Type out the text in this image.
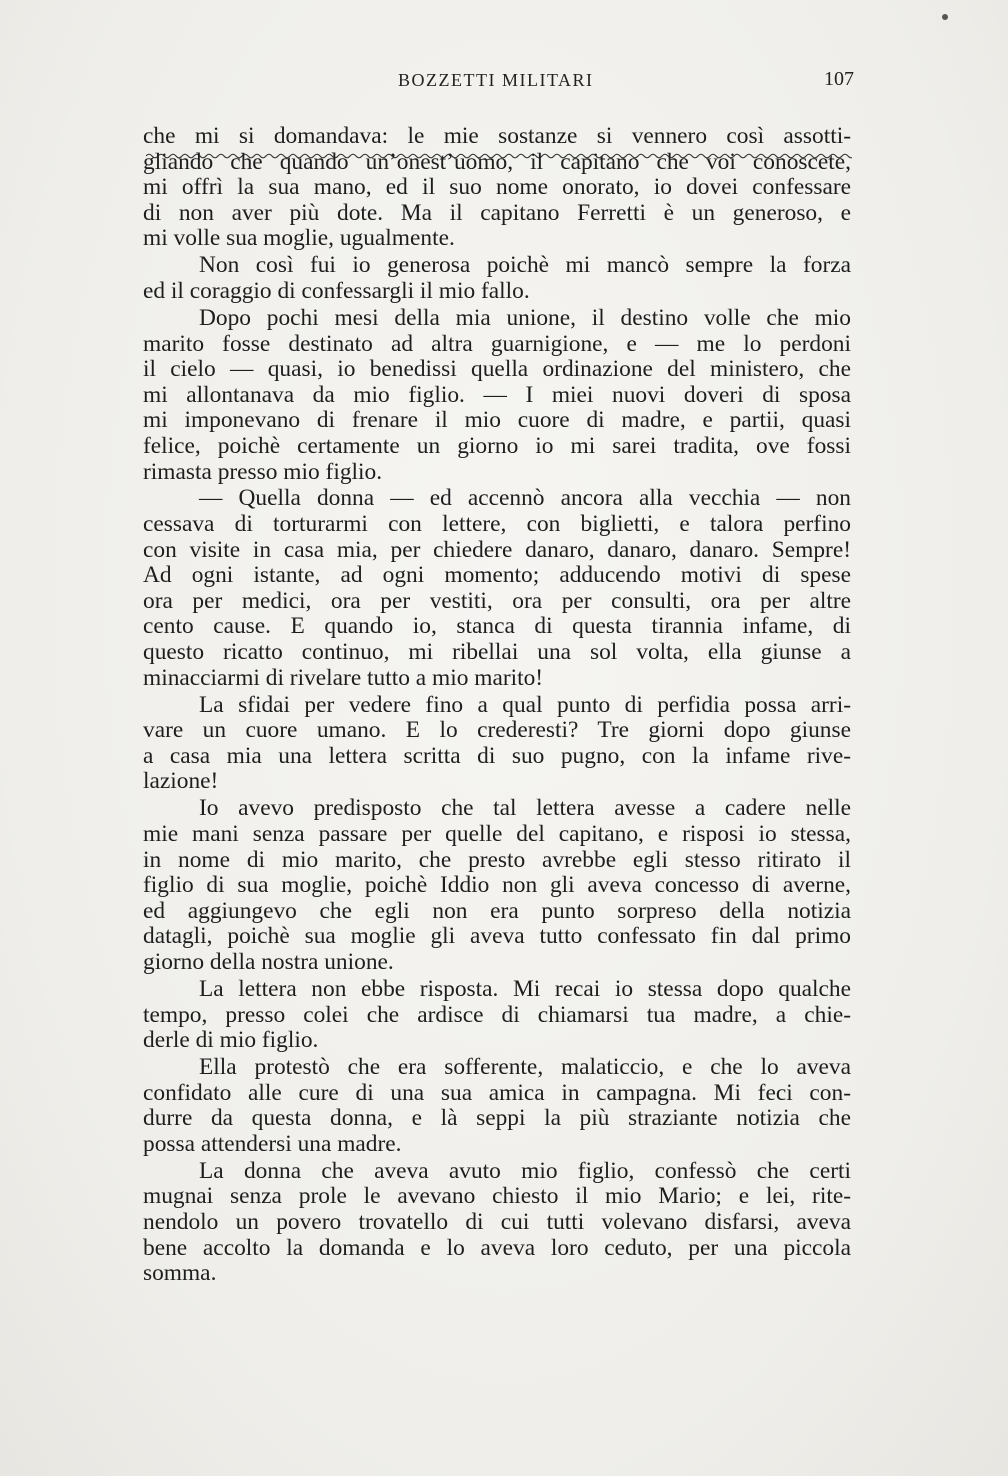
BOZZETTI MILITARI	107
che mi si domandava: le mie sostanze si vennero così assotti-
gliando che quando un’onest’uomo, il capitano che voi conoscete,
mi offrì la sua mano, ed il suo nome onorato, io dovei confessare
di non aver più dote. Ma il capitano Ferretti è un generoso, e
mi volle sua moglie, ugualmente.
Non così fui io generosa poichè mi mancò sempre la forza
ed il coraggio di confessargli il mio fallo.
Dopo pochi mesi della mia unione, il destino volle che mio
marito fosse destinato ad altra guarnigione, e — me lo perdoni
il cielo — quasi, io benedissi quella ordinazione del ministero, che
mi allontanava da mio figlio. — I miei nuovi doveri di sposa
mi imponevano di frenare il mio cuore di madre, e partii, quasi
felice, poichè certamente un giorno io mi sarei tradita, ove fossi
rimasta presso mio figlio.
— Quella donna — ed accennò ancora alla vecchia — non
cessava di torturarmi con lettere, con biglietti, e talora perfino
con visite in casa mia, per chiedere danaro, danaro, danaro. Sempre!
Ad ogni istante, ad ogni momento; adducendo motivi di spese
ora per medici, ora per vestiti, ora per consulti, ora per altre
cento cause. E quando io, stanca di questa tirannia infame, di
questo ricatto continuo, mi ribellai una sol volta, ella giunse a
minacciarmi di rivelare tutto a mio marito!
La sfidai per vedere fino a qual punto di perfidia possa arri-
vare un cuore umano. E lo crederesti? Tre giorni dopo giunse
a casa mia una lettera scritta di suo pugno, con la infame rive-
lazione!
Io avevo predisposto che tal lettera avesse a cadere nelle
mie mani senza passare per quelle del capitano, e risposi io stessa,
in nome di mio marito, che presto avrebbe egli stesso ritirato il
figlio di sua moglie, poichè Iddio non gli aveva concesso di averne,
ed aggiungevo che egli non era punto sorpreso della notizia
datagli, poichè sua moglie gli aveva tutto confessato fin dal primo
giorno della nostra unione.
La lettera non ebbe risposta. Mi recai io stessa dopo qualche
tempo, presso colei che ardisce di chiamarsi tua madre, a chie-
derle di mio figlio.
Ella protestò che era sofferente, malaticcio, e che lo aveva
confidato alle cure di una sua amica in campagna. Mi feci con-
durre da questa donna, e là seppi la più straziante notizia che
possa attendersi una madre.
La donna che aveva avuto mio figlio, confessò che certi
mugnai senza prole le avevano chiesto il mio Mario; e lei, rite-
nendolo un povero trovatello di cui tutti volevano disfarsi, aveva
bene accolto la domanda e lo aveva loro ceduto, per una piccola
somma.
